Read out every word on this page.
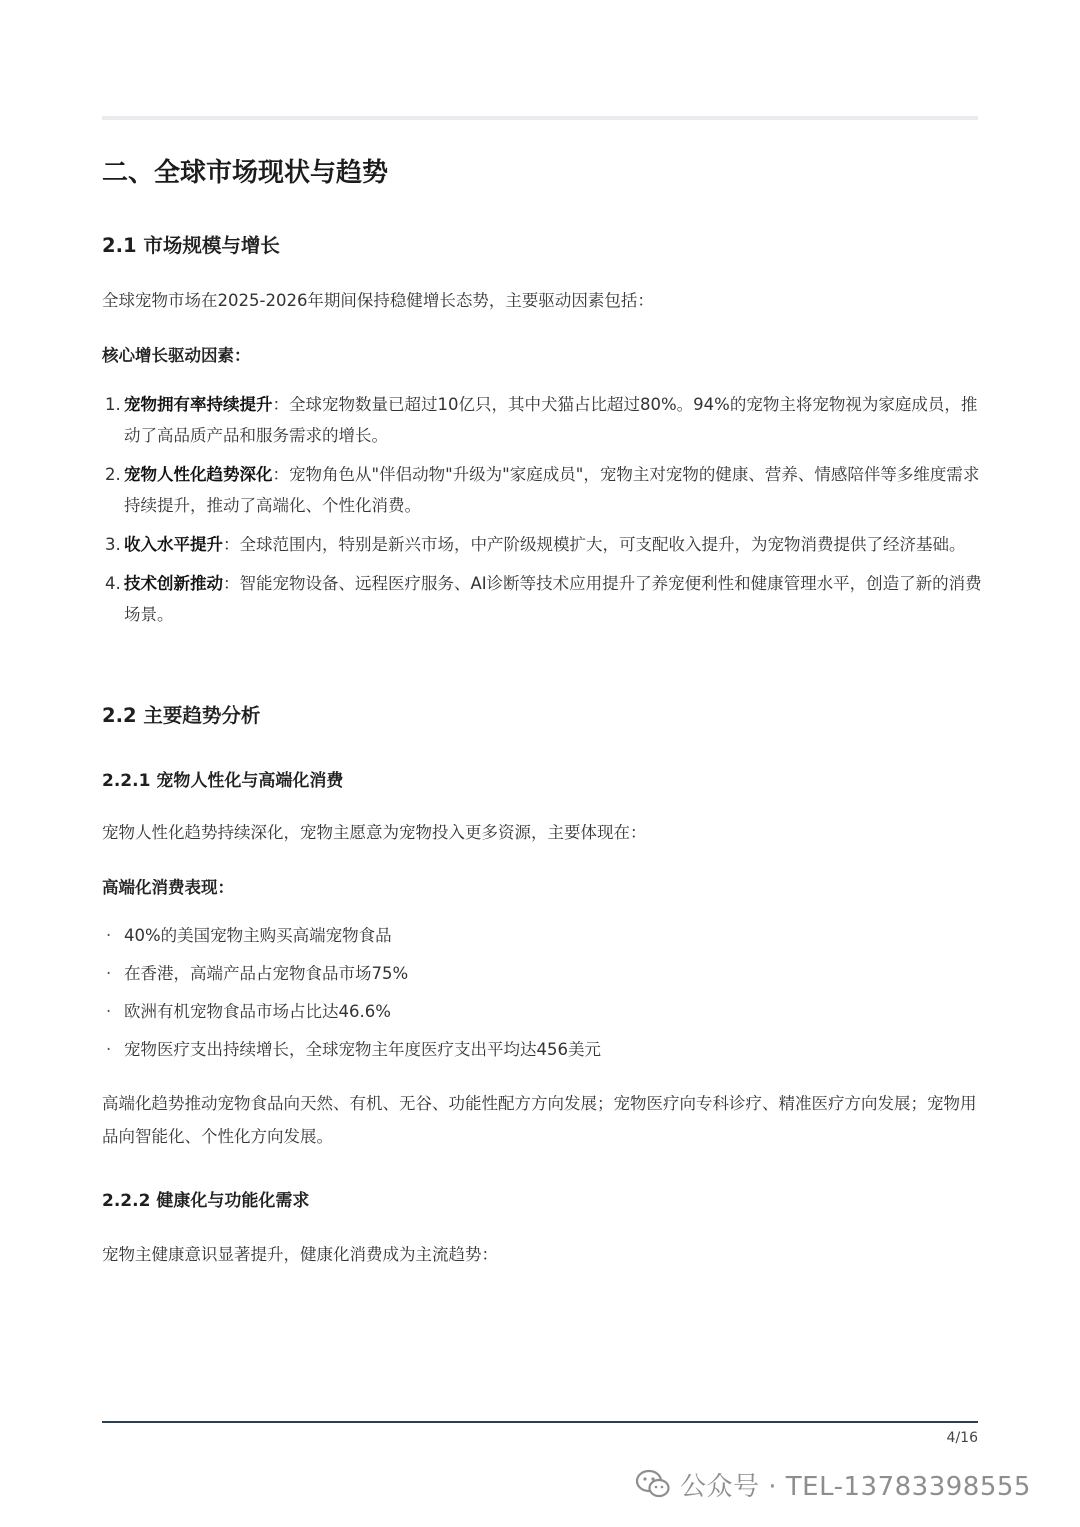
二、全球市场现状与趋势
2.1 市场规模与增长

全球宠物市场在2025-2026年期间保持稳健增长态势，主要驱动因素包括：

核心增长驱动因素：

1. 宠物拥有率持续提升：全球宠物数量已超过10亿只，其中犬猫占比超过80%。94%的宠物主将宠物视为家庭成员，推动了高品质产品和服务需求的增长。
2. 宠物人性化趋势深化：宠物角色从"伴侣动物"升级为"家庭成员"，宠物主对宠物的健康、营养、情感陪伴等多维度需求持续提升，推动了高端化、个性化消费。
3. 收入水平提升：全球范围内，特别是新兴市场，中产阶级规模扩大，可支配收入提升，为宠物消费提供了经济基础。
4. 技术创新推动：智能宠物设备、远程医疗服务、AI诊断等技术应用提升了养宠便利性和健康管理水平，创造了新的消费场景。
2.2 主要趋势分析
2.2.1 宠物人性化与高端化消费

宠物人性化趋势持续深化，宠物主愿意为宠物投入更多资源，主要体现在：

高端化消费表现：

· 40%的美国宠物主购买高端宠物食品
· 在香港，高端产品占宠物食品市场75%
· 欧洲有机宠物食品市场占比达46.6%
· 宠物医疗支出持续增长，全球宠物主年度医疗支出平均达456美元

高端化趋势推动宠物食品向天然、有机、无谷、功能性配方方向发展；宠物医疗向专科诊疗、精准医疗方向发展；宠物用品向智能化、个性化方向发展。

2.2.2 健康化与功能化需求

宠物主健康意识显著提升，健康化消费成为主流趋势：

4/16
公众号 · TEL-13783398555
